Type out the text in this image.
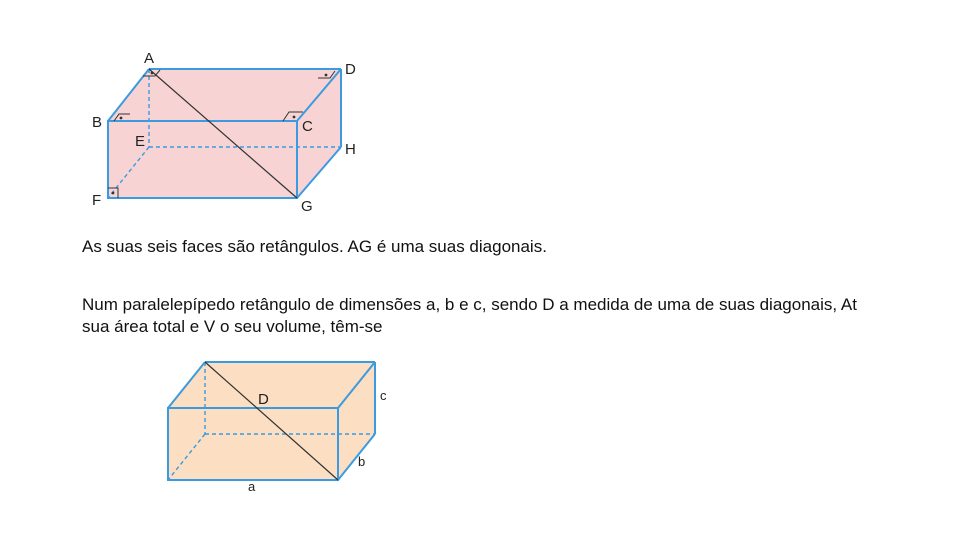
A
D
B	C
E	H
F	G
D	c
b
a

As suas seis faces são retângulos. AG é uma suas diagonais.

Num paralelepípedo retângulo de dimensões a, b e c, sendo D a medida de uma de suas diagonais, At sua área total e V o seu volume, têm-se
